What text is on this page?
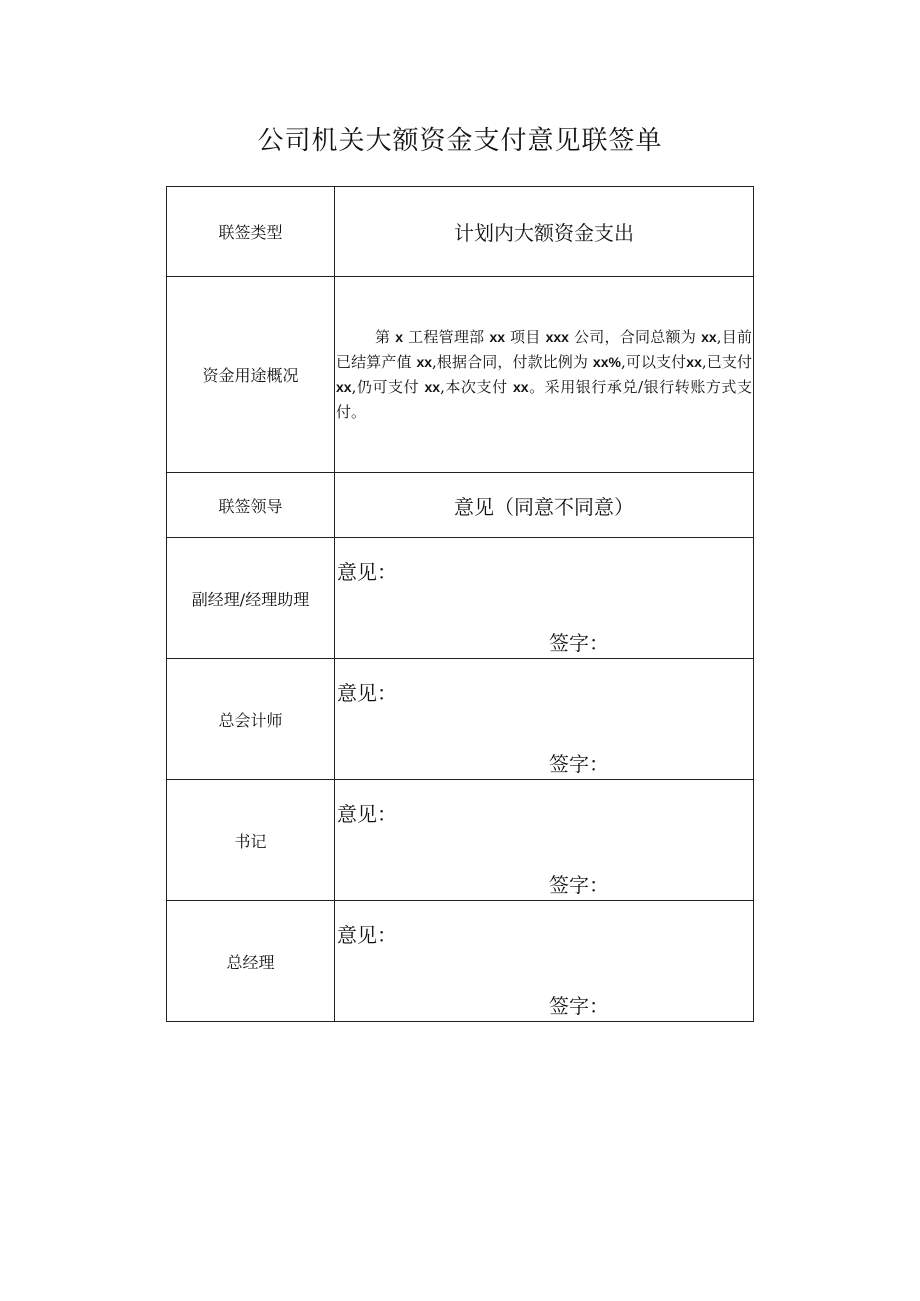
公司机关大额资金支付意见联签单
联签类型	计划内大额资金支出
资金用途概况	第 x 工程管理部 xx 项目 xxx 公司，合同总额为 xx,目前已结算产值 xx,根据合同，付款比例为 xx%,可以支付xx,已支付 xx,仍可支付 xx,本次支付 xx。采用银行承兑/银行转账方式支付。

联签领导	意见（同意不同意）
副经理/经理助理	意见：
签字：

总会计师	意见：
签字：

书记	意见：
签字：

总经理	意见：
签字：
